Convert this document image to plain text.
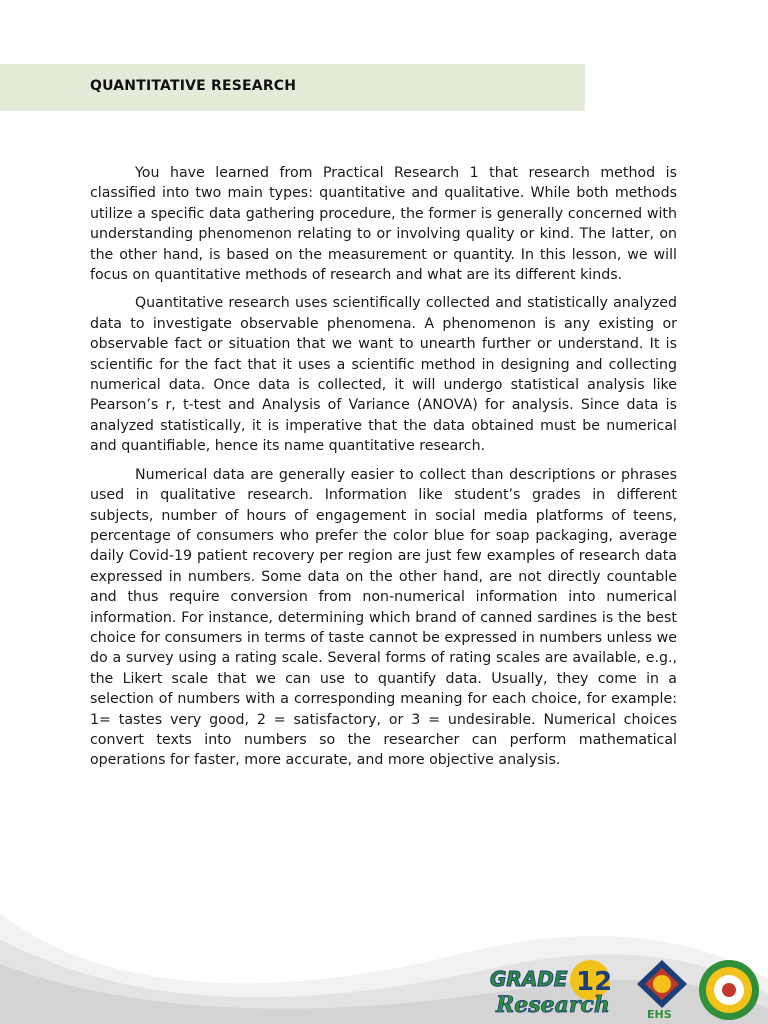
QUANTITATIVE RESEARCH

You have learned from Practical Research 1 that research method is classified into two main types: quantitative and qualitative. While both methods utilize a specific data gathering procedure, the former is generally concerned with understanding phenomenon relating to or involving quality or kind. The latter, on the other hand, is based on the measurement or quantity. In this lesson, we will focus on quantitative methods of research and what are its different kinds.

Quantitative research uses scientifically collected and statistically analyzed data to investigate observable phenomena. A phenomenon is any existing or observable fact or situation that we want to unearth further or understand. It is scientific for the fact that it uses a scientific method in designing and collecting numerical data. Once data is collected, it will undergo statistical analysis like Pearson’s r, t-test and Analysis of Variance (ANOVA) for analysis. Since data is analyzed statistically, it is imperative that the data obtained must be numerical and quantifiable, hence its name quantitative research.

Numerical data are generally easier to collect than descriptions or phrases used in qualitative research. Information like student’s grades in different subjects, number of hours of engagement in social media platforms of teens, percentage of consumers who prefer the color blue for soap packaging, average daily Covid-19 patient recovery per region are just few examples of research data expressed in numbers. Some data on the other hand, are not directly countable and thus require conversion from non-numerical information into numerical information. For instance, determining which brand of canned sardines is the best choice for consumers in terms of taste cannot be expressed in numbers unless we do a survey using a rating scale. Several forms of rating scales are available, e.g., the Likert scale that we can use to quantify data. Usually, they come in a selection of numbers with a corresponding meaning for each choice, for example: 1= tastes very good, 2 = satisfactory, or 3 = undesirable. Numerical choices convert texts into numbers so the researcher can perform mathematical operations for faster, more accurate, and more objective analysis.

GRADE 12
Research	EHS
